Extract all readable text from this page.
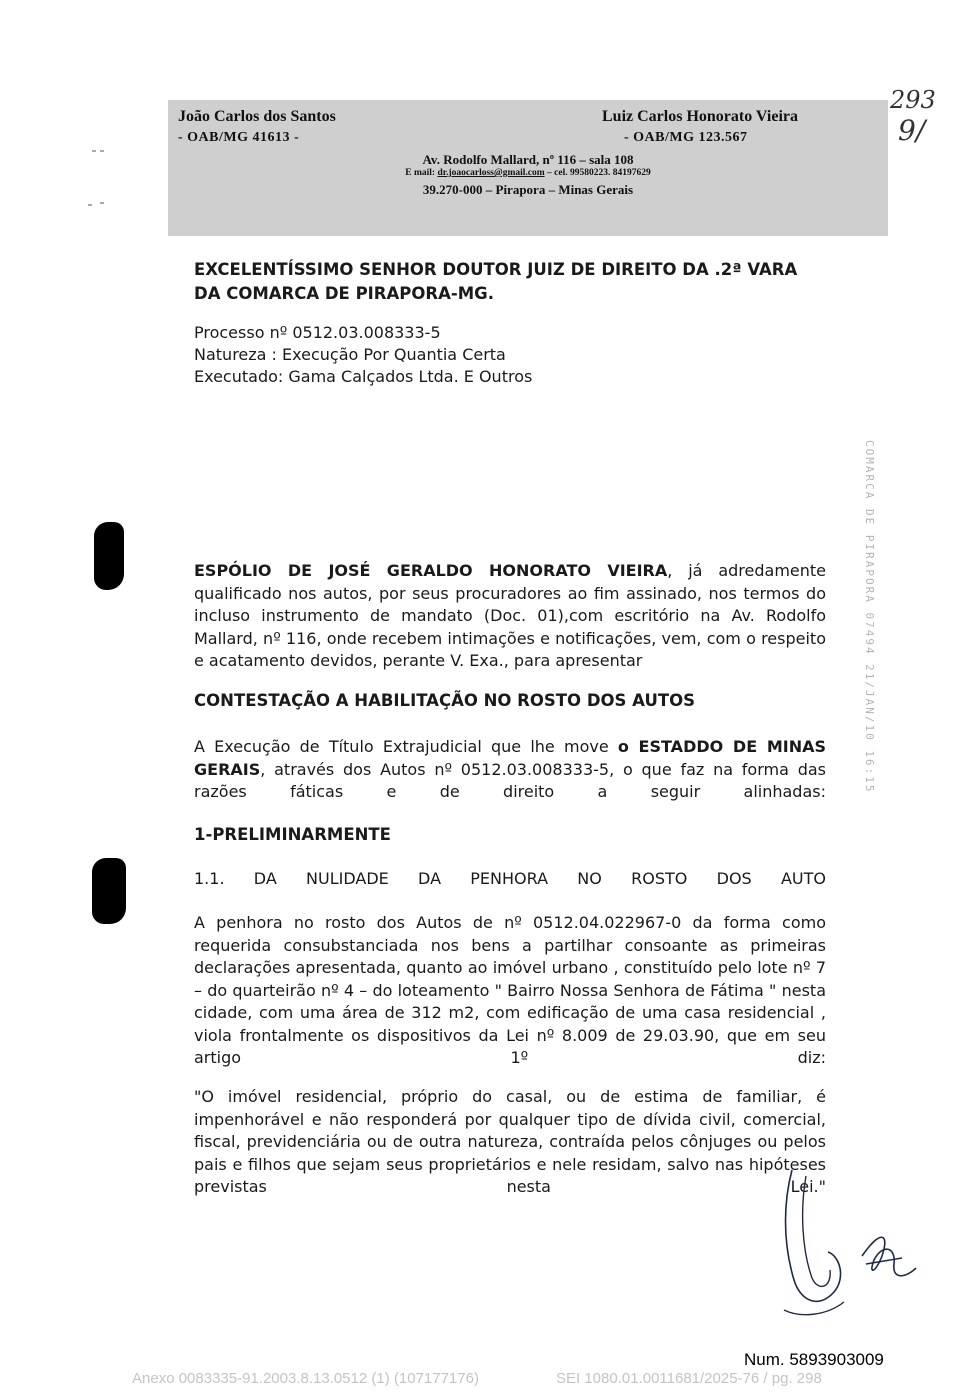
João Carlos dos Santos
- OAB/MG 41613 -
Luiz Carlos Honorato Vieira
- OAB/MG 123.567
Av. Rodolfo Mallard, nº 116 – sala 108
E mail: dr.joaocarloss@gmail.com – cel. 99580223. 84197629
39.270-000 – Pirapora – Minas Gerais
293
9/
EXCELENTÍSSIMO SENHOR DOUTOR JUIZ DE DIREITO DA .2ª VARA DA COMARCA DE PIRAPORA-MG.
Processo nº 0512.03.008333-5
Natureza : Execução Por Quantia Certa
Executado: Gama Calçados Ltda. E Outros
COMARCA DE PIRAPORA 07494 21/JAN/10 16:15
ESPÓLIO DE JOSÉ GERALDO HONORATO VIEIRA, já adredamente qualificado nos autos, por seus procuradores ao fim assinado, nos termos do incluso instrumento de mandato (Doc. 01),com escritório na Av. Rodolfo Mallard, nº 116, onde recebem intimações e notificações, vem, com o respeito e acatamento devidos, perante V. Exa., para apresentar
CONTESTAÇÃO A HABILITAÇÃO NO ROSTO DOS AUTOS
A Execução de Título Extrajudicial que lhe move o ESTADDO DE MINAS GERAIS, através dos Autos nº 0512.03.008333-5, o que faz na forma das razões fáticas e de direito a seguir alinhadas:
1-PRELIMINARMENTE
1.1. DA NULIDADE DA PENHORA NO ROSTO DOS AUTO
A penhora no rosto dos Autos de nº 0512.04.022967-0 da forma como requerida consubstanciada nos bens a partilhar consoante as primeiras declarações apresentada, quanto ao imóvel urbano , constituído pelo lote nº 7 – do quarteirão nº 4 – do loteamento " Bairro Nossa Senhora de Fátima " nesta cidade, com uma área de 312 m2, com edificação de uma casa residencial , viola frontalmente os dispositivos da Lei nº 8.009 de 29.03.90, que em seu artigo 1º diz:
"O imóvel residencial, próprio do casal, ou de estima de familiar, é impenhorável e não responderá por qualquer tipo de dívida civil, comercial, fiscal, previdenciária ou de outra natureza, contraída pelos cônjuges ou pelos pais e filhos que sejam seus proprietários e nele residam, salvo nas hipóteses previstas nesta Lei."
Num. 5893903009
Anexo 0083335-91.2003.8.13.0512 (1) (107177176)	SEI 1080.01.0011681/2025-76 / pg. 298
